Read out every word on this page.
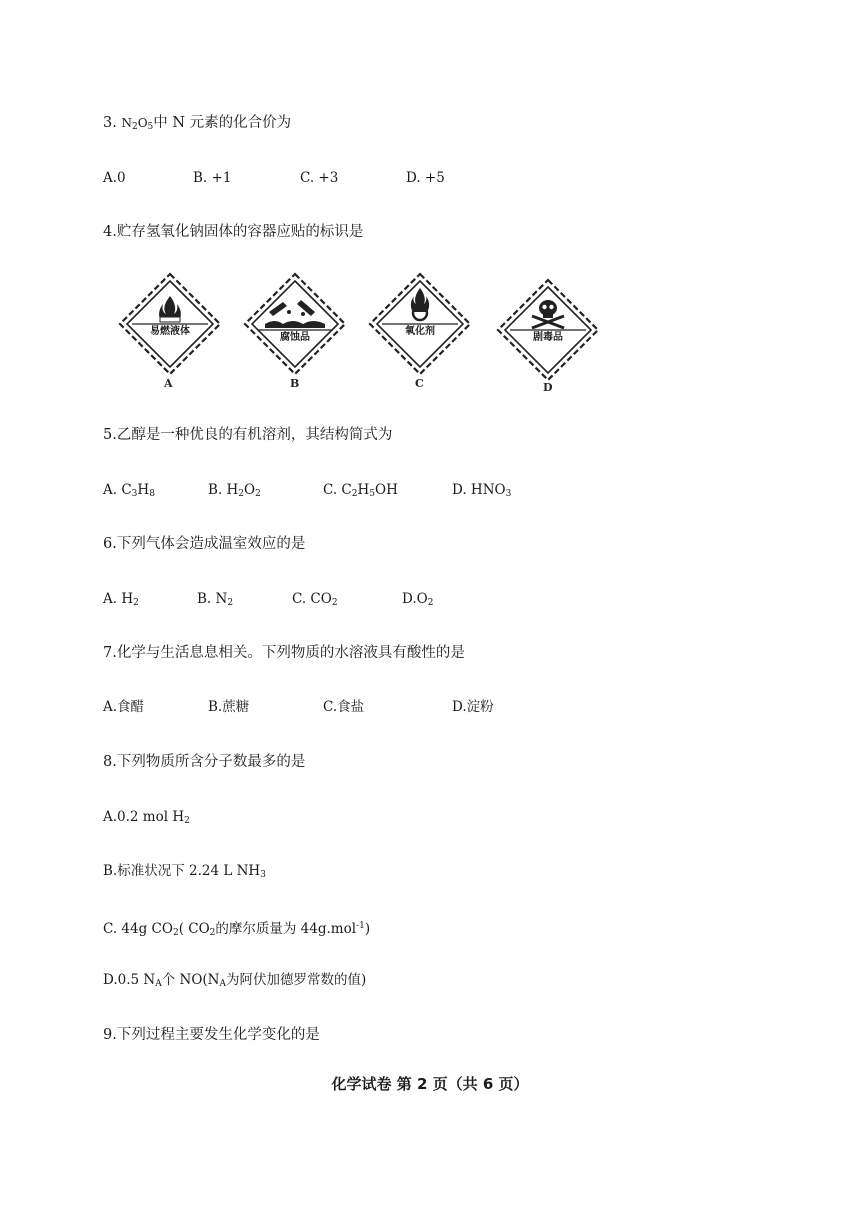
3. $N_2O_5$中 N 元素的化合价为
A.0	B. +1	C. +3	D. +5
4.贮存氢氧化钠固体的容器应贴的标识是
易燃液体
A
腐蚀品
B
氧化剂
C
剧毒品
D
5.乙醇是一种优良的有机溶剂，其结构简式为
A. $C_3H_8$	B. $H_2O_2$	C. $C_2H_5OH$	D. $HNO_3$
6.下列气体会造成温室效应的是
A. $H_2$	B. $N_2$	C. $CO_2$	$D.O_2$
7.化学与生活息息相关。下列物质的水溶液具有酸性的是
A.食醋	B.蔗糖	C.食盐	D.淀粉
8.下列物质所含分子数最多的是
A.0.2 mol $H_2$
B.标准状况下 2.24 L $NH_3$
C. 44g $CO_2$( $CO_2$的摩尔质量为 44g.mol$^{-1}$)
D.0.5 $N_A$个 $NO(N_A$为阿伏加德罗常数的值)
9.下列过程主要发生化学变化的是
化学试卷 第 2 页（共 6 页）
